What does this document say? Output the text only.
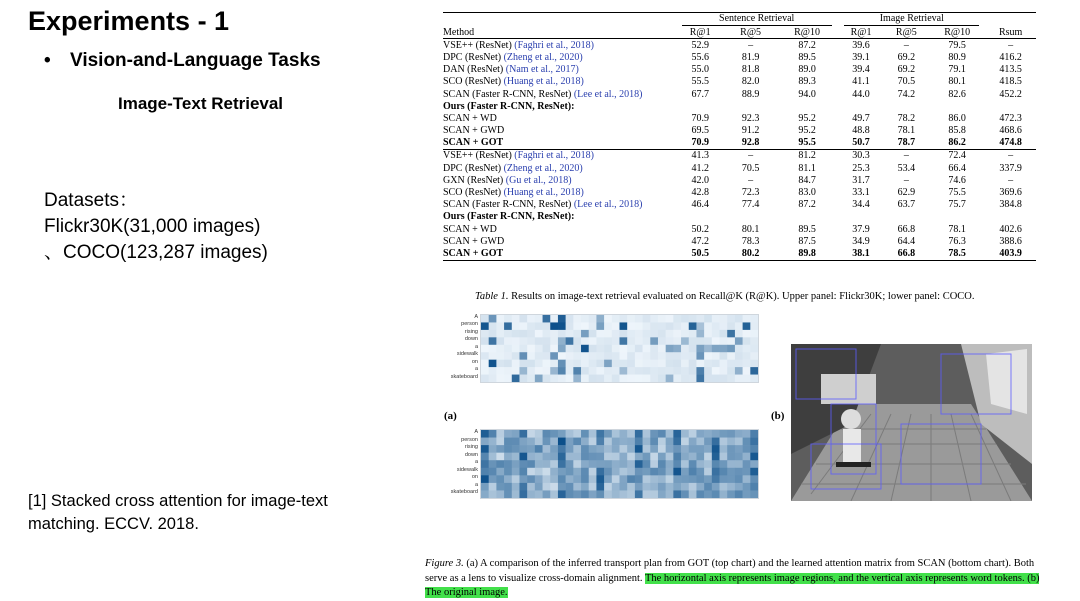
Experiments - 1
• Vision-and-Language Tasks
Image-Text Retrieval
Datasets：
Flickr30K(31,000 images)
、COCO(123,287 images)
[1] Stacked cross attention for image-text matching. ECCV. 2018.
	Sentence Retrieval			Image Retrieval			
Method	R@1	R@5	R@10	R@1	R@5	R@10	Rsum
VSE++ (ResNet) (Faghri et al., 2018)	52.9	–	87.2	39.6	–	79.5	–
DPC (ResNet) (Zheng et al., 2020)	55.6	81.9	89.5	39.1	69.2	80.9	416.2
DAN (ResNet) (Nam et al., 2017)	55.0	81.8	89.0	39.4	69.2	79.1	413.5
SCO (ResNet) (Huang et al., 2018)	55.5	82.0	89.3	41.1	70.5	80.1	418.5
SCAN (Faster R-CNN, ResNet) (Lee et al., 2018)	67.7	88.9	94.0	44.0	74.2	82.6	452.2
Ours (Faster R-CNN, ResNet):							
SCAN + WD	70.9	92.3	95.2	49.7	78.2	86.0	472.3
SCAN + GWD	69.5	91.2	95.2	48.8	78.1	85.8	468.6
SCAN + GOT	70.9	92.8	95.5	50.7	78.7	86.2	474.8
VSE++ (ResNet) (Faghri et al., 2018)	41.3	–	81.2	30.3	–	72.4	–
DPC (ResNet) (Zheng et al., 2020)	41.2	70.5	81.1	25.3	53.4	66.4	337.9
GXN (ResNet) (Gu et al., 2018)	42.0	–	84.7	31.7	–	74.6	–
SCO (ResNet) (Huang et al., 2018)	42.8	72.3	83.0	33.1	62.9	75.5	369.6
SCAN (Faster R-CNN, ResNet) (Lee et al., 2018)	46.4	77.4	87.2	34.4	63.7	75.7	384.8
Ours (Faster R-CNN, ResNet):							
SCAN + WD	50.2	80.1	89.5	37.9	66.8	78.1	402.6
SCAN + GWD	47.2	78.3	87.5	34.9	64.4	76.3	388.6
SCAN + GOT	50.5	80.2	89.8	38.1	66.8	78.5	403.9
Table 1. Results on image-text retrieval evaluated on Recall@K (R@K). Upper panel: Flickr30K; lower panel: COCO.
A
person
rising
down
a
sidewalk
on
a
skateboard
A
person
rising
down
a
sidewalk
on
a
skateboard
(a)	(b)
Figure 3. (a) A comparison of the inferred transport plan from GOT (top chart) and the learned attention matrix from SCAN (bottom chart). Both serve as a lens to visualize cross-domain alignment. The horizontal axis represents image regions, and the vertical axis represents word tokens. (b) The original image.
